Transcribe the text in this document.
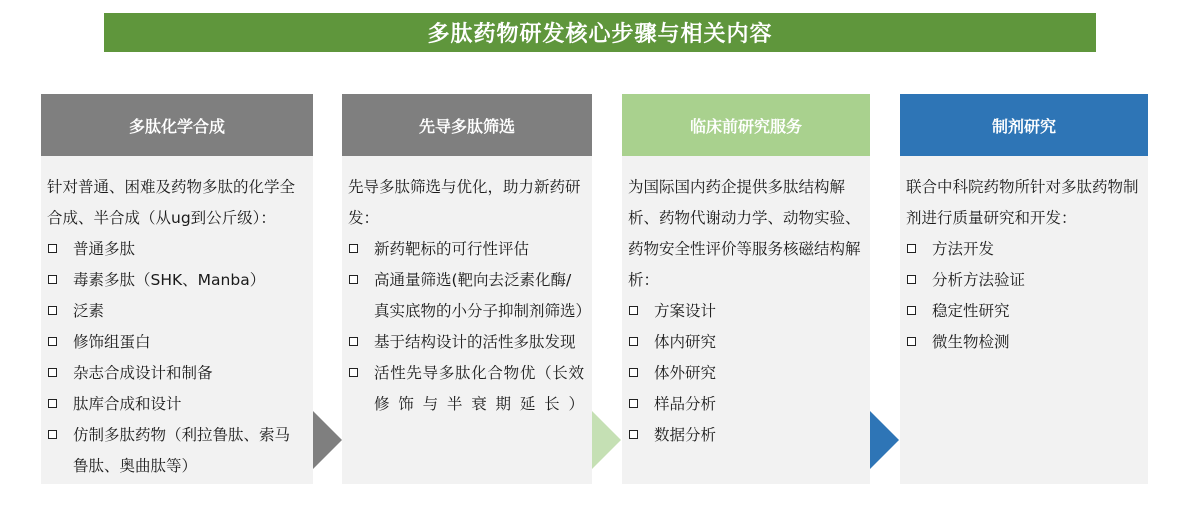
多肽药物研发核心步骤与相关内容
多肽化学合成

针对普通、困难及药物多肽的化学全合成、半合成（从ug到公斤级）：

普通多肽
毒素多肽（SHK、Manba）
泛素
修饰组蛋白
杂志合成设计和制备
肽库合成和设计
仿制多肽药物（利拉鲁肽、索马鲁肽、奥曲肽等）
先导多肽筛选

先导多肽筛选与优化，助力新药研发：

新药靶标的可行性评估
高通量筛选(靶向去泛素化酶/真实底物的小分子抑制剂筛选）
基于结构设计的活性多肽发现
活性先导多肽化合物优（长效修饰与半衰期延长）
临床前研究服务

为国际国内药企提供多肽结构解析、药物代谢动力学、动物实验、药物安全性评价等服务核磁结构解析：

方案设计
体内研究
体外研究
样品分析
数据分析
制剂研究

联合中科院药物所针对多肽药物制剂进行质量研究和开发：

方法开发
分析方法验证
稳定性研究
微生物检测
